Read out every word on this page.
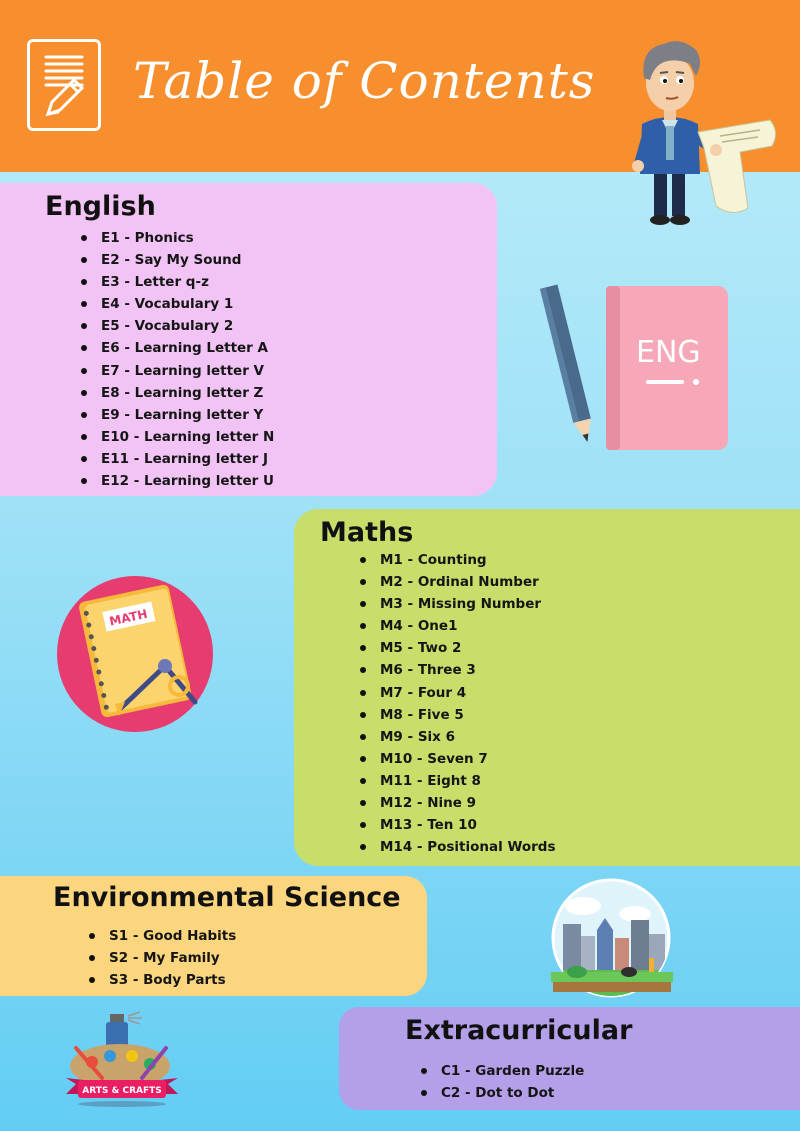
Table of Contents
English
E1 - Phonics
E2 - Say My Sound
E3 - Letter q-z
E4 - Vocabulary 1
E5 - Vocabulary 2
E6 - Learning Letter A
E7 - Learning letter V
E8 - Learning letter Z
E9 - Learning letter Y
E10 - Learning letter N
E11 - Learning letter J
E12 - Learning letter U
ENG
Maths
M1 - Counting
M2 - Ordinal Number
M3 - Missing Number
M4 - One1
M5 - Two 2
M6 - Three 3
M7 - Four 4
M8 - Five 5
M9 - Six 6
M10 - Seven 7
M11 - Eight 8
M12 - Nine 9
M13 - Ten 10
M14 - Positional Words
MATH
Environmental Science
S1 - Good Habits
S2 - My Family
S3 - Body Parts
Extracurricular
C1 - Garden Puzzle
C2 - Dot to Dot
ARTS & CRAFTS
